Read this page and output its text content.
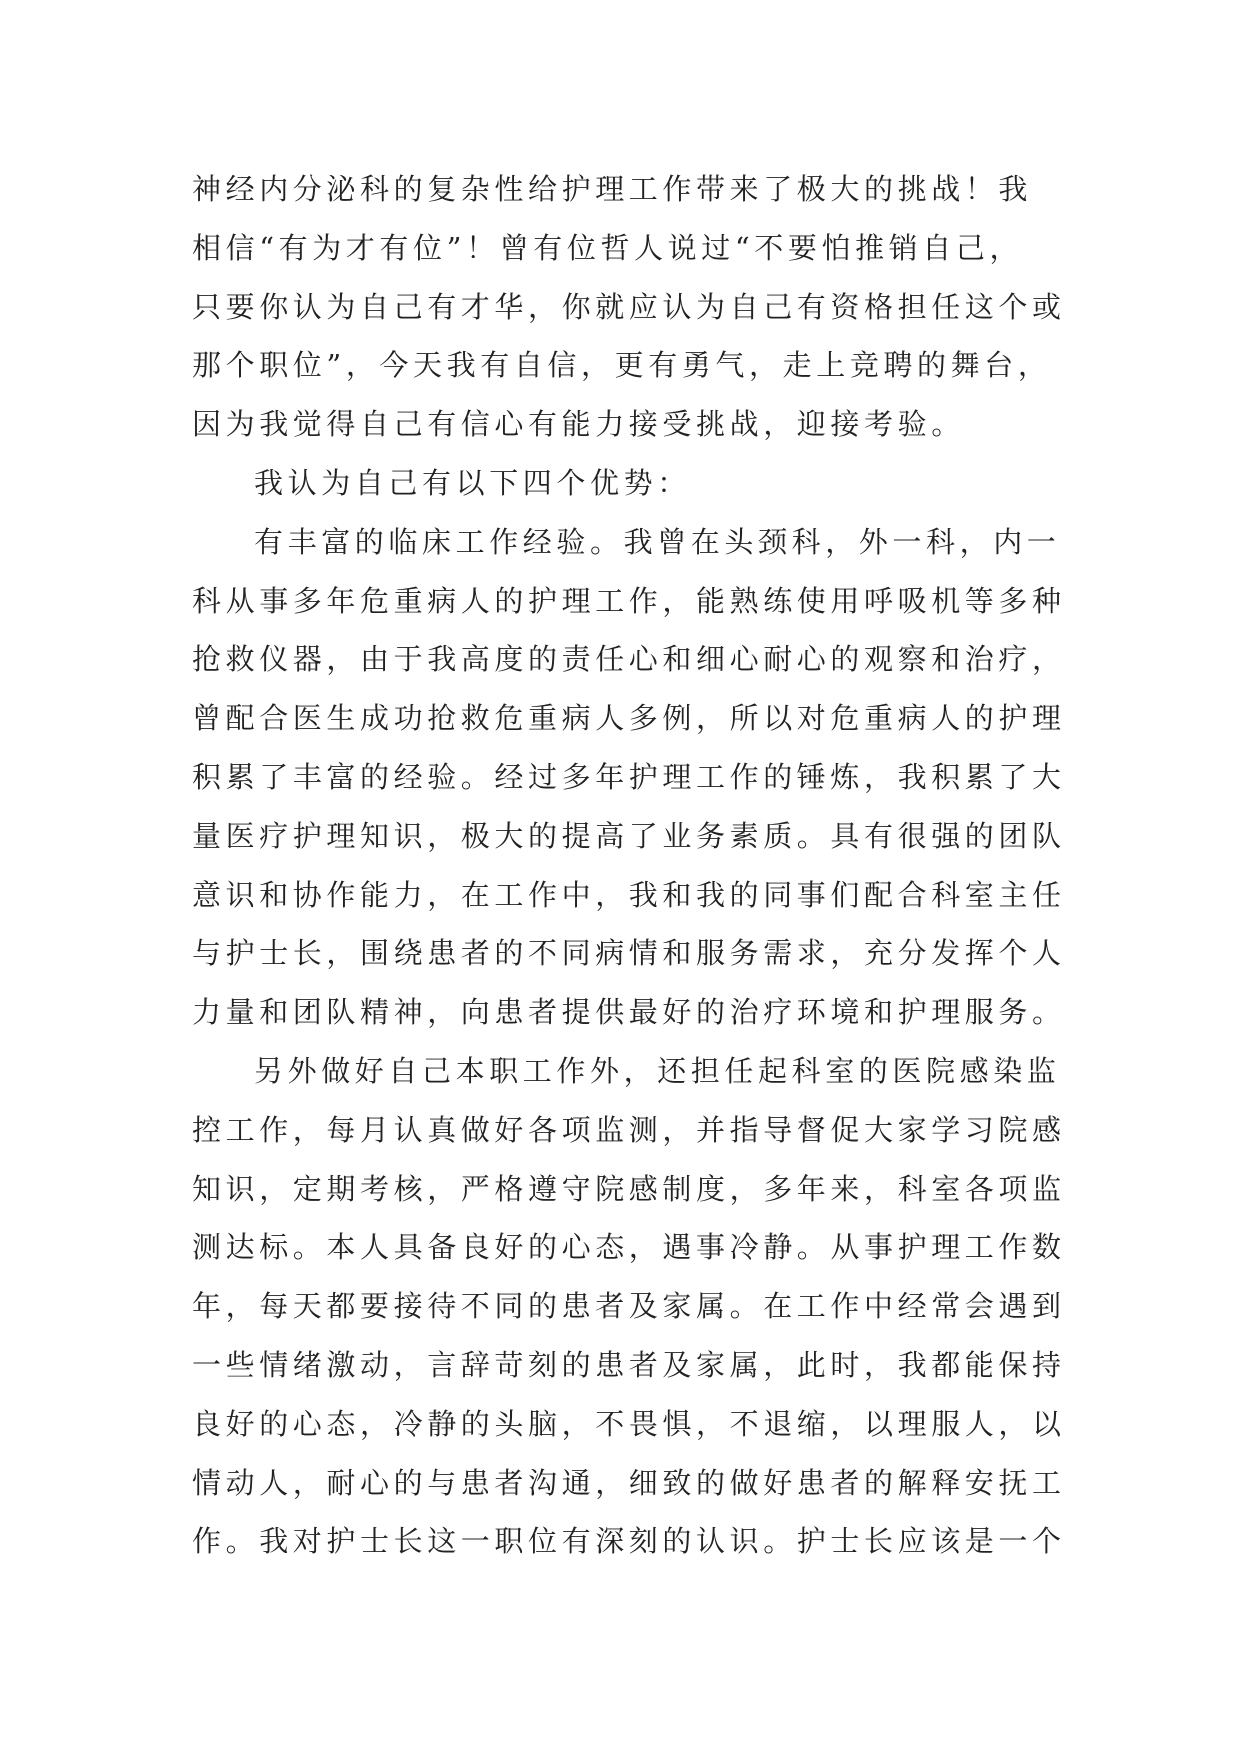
神经内分泌科的复杂性给护理工作带来了极大的挑战！我
相信“有为才有位”！曾有位哲人说过“不要怕推销自己，
只要你认为自己有才华，你就应认为自己有资格担任这个或
那个职位”，今天我有自信，更有勇气，走上竞聘的舞台，
因为我觉得自己有信心有能力接受挑战，迎接考验。
我认为自己有以下四个优势：
有丰富的临床工作经验。我曾在头颈科，外一科，内一
科从事多年危重病人的护理工作，能熟练使用呼吸机等多种
抢救仪器，由于我高度的责任心和细心耐心的观察和治疗，
曾配合医生成功抢救危重病人多例，所以对危重病人的护理
积累了丰富的经验。经过多年护理工作的锤炼，我积累了大
量医疗护理知识，极大的提高了业务素质。具有很强的团队
意识和协作能力，在工作中，我和我的同事们配合科室主任
与护士长，围绕患者的不同病情和服务需求，充分发挥个人
力量和团队精神，向患者提供最好的治疗环境和护理服务。
另外做好自己本职工作外，还担任起科室的医院感染监
控工作，每月认真做好各项监测，并指导督促大家学习院感
知识，定期考核，严格遵守院感制度，多年来，科室各项监
测达标。本人具备良好的心态，遇事冷静。从事护理工作数
年，每天都要接待不同的患者及家属。在工作中经常会遇到
一些情绪激动，言辞苛刻的患者及家属，此时，我都能保持
良好的心态，冷静的头脑，不畏惧，不退缩，以理服人，以
情动人，耐心的与患者沟通，细致的做好患者的解释安抚工
作。我对护士长这一职位有深刻的认识。护士长应该是一个
